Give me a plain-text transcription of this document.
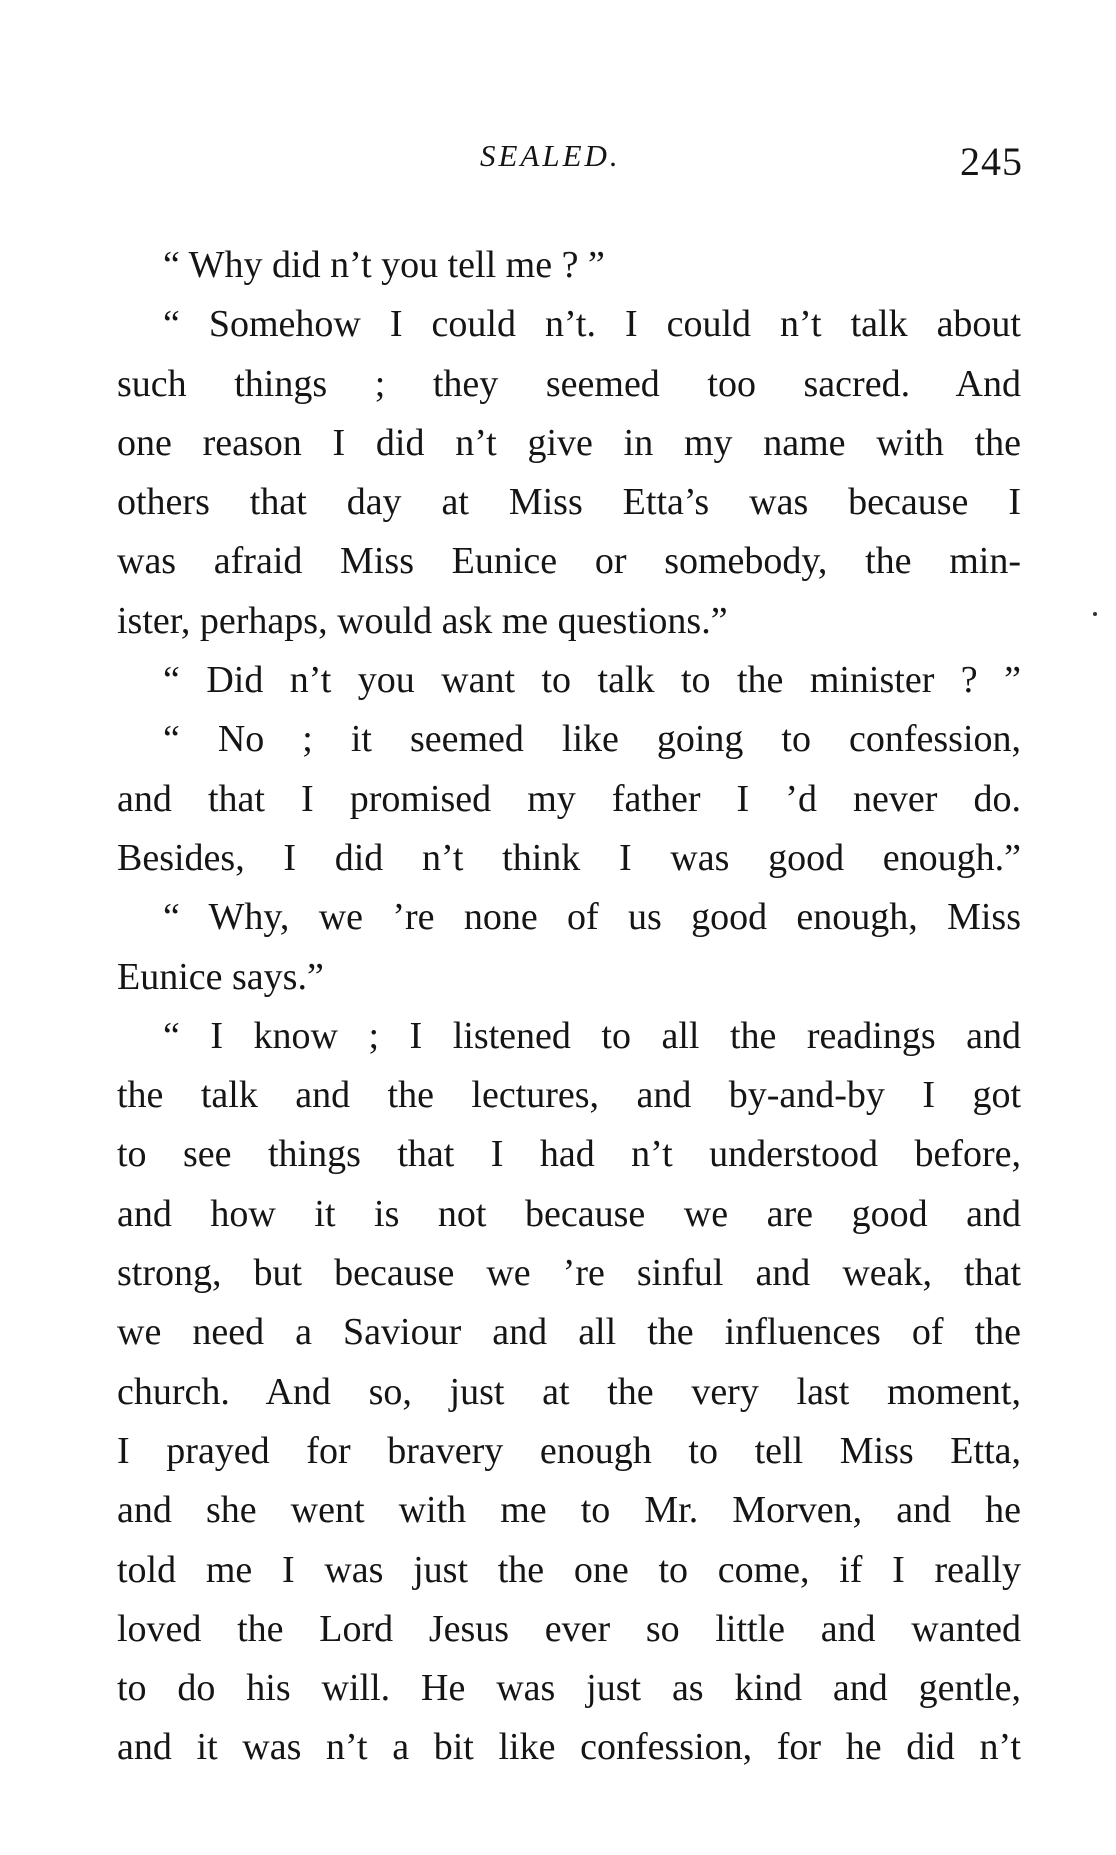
SEALED.	245
“ Why did n’t you tell me ? ”
“ Somehow I could n’t. I could n’t talk about
such things ; they seemed too sacred. And
one reason I did n’t give in my name with the
others that day at Miss Etta’s was because I
was afraid Miss Eunice or somebody, the min-
ister, perhaps, would ask me questions.”
“ Did n’t you want to talk to the minister ? ”
“ No ; it seemed like going to confession,
and that I promised my father I ’d never do.
Besides, I did n’t think I was good enough.”
“ Why, we ’re none of us good enough, Miss
Eunice says.”
“ I know ; I listened to all the readings and
the talk and the lectures, and by-and-by I got
to see things that I had n’t understood before,
and how it is not because we are good and
strong, but because we ’re sinful and weak, that
we need a Saviour and all the influences of the
church. And so, just at the very last moment,
I prayed for bravery enough to tell Miss Etta,
and she went with me to Mr. Morven, and he
told me I was just the one to come, if I really
loved the Lord Jesus ever so little and wanted
to do his will. He was just as kind and gentle,
and it was n’t a bit like confession, for he did n’t
